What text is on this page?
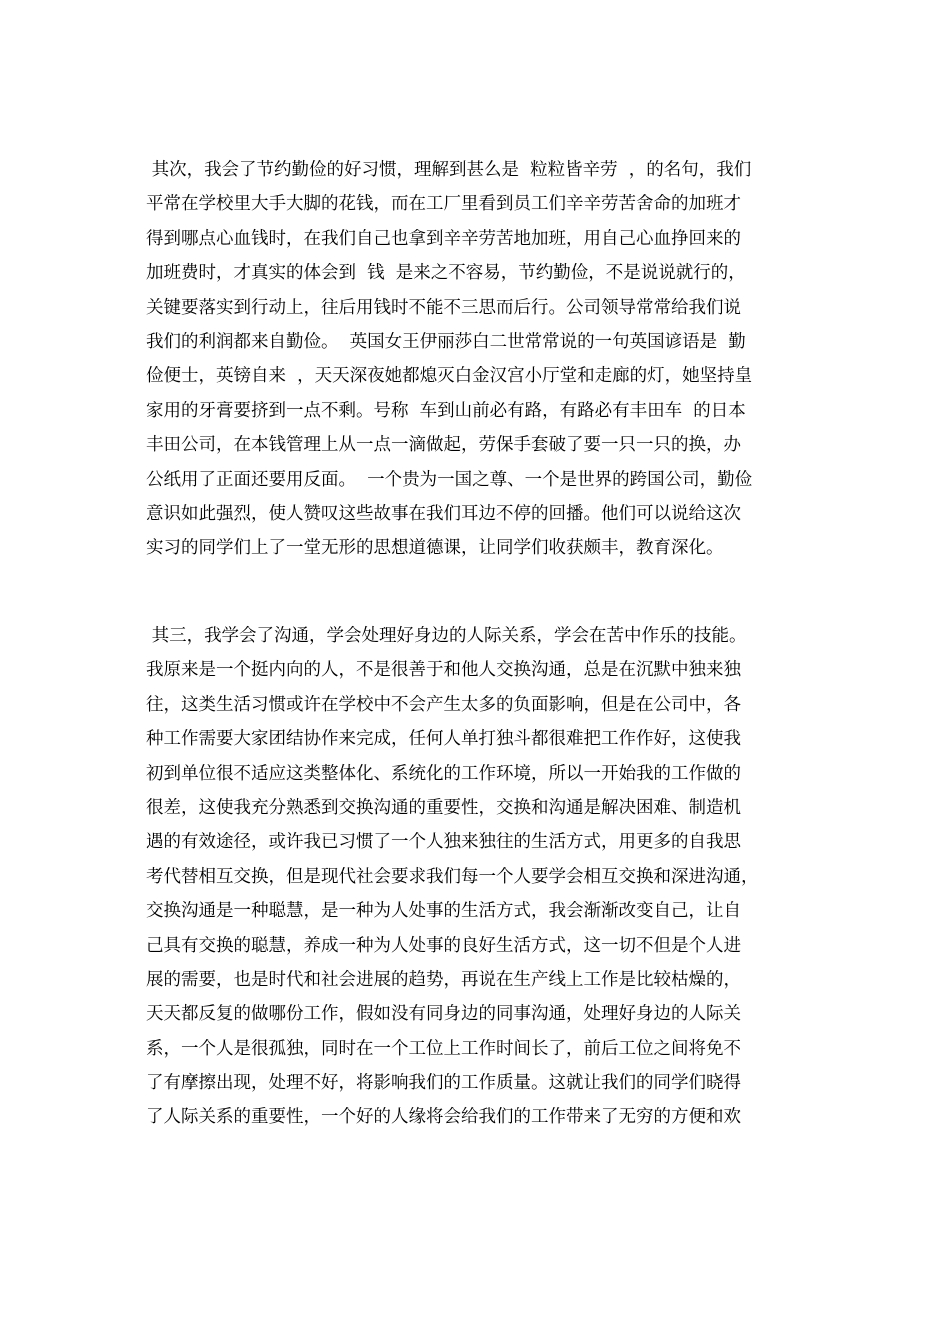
其次，我会了节约勤俭的好习惯，理解到甚么是  粒粒皆辛劳  ，的名句，我们
平常在学校里大手大脚的花钱，而在工厂里看到员工们辛辛劳苦舍命的加班才
得到哪点心血钱时，在我们自己也拿到辛辛劳苦地加班，用自己心血挣回来的
加班费时，才真实的体会到  钱  是来之不容易，节约勤俭，不是说说就行的，
关键要落实到行动上，往后用钱时不能不三思而后行。公司领导常常给我们说
我们的利润都来自勤俭。  英国女王伊丽莎白二世常常说的一句英国谚语是  勤
俭便士，英镑自来  ，天天深夜她都熄灭白金汉宫小厅堂和走廊的灯，她坚持皇
家用的牙膏要挤到一点不剩。号称  车到山前必有路，有路必有丰田车  的日本
丰田公司，在本钱管理上从一点一滴做起，劳保手套破了要一只一只的换，办
公纸用了正面还要用反面。  一个贵为一国之尊、一个是世界的跨国公司，勤俭
意识如此强烈，使人赞叹这些故事在我们耳边不停的回播。他们可以说给这次
实习的同学们上了一堂无形的思想道德课，让同学们收获颇丰，教育深化。
其三，我学会了沟通，学会处理好身边的人际关系，学会在苦中作乐的技能。
我原来是一个挺内向的人，不是很善于和他人交换沟通，总是在沉默中独来独
往，这类生活习惯或许在学校中不会产生太多的负面影响，但是在公司中，各
种工作需要大家团结协作来完成，任何人单打独斗都很难把工作作好，这使我
初到单位很不适应这类整体化、系统化的工作环境，所以一开始我的工作做的
很差，这使我充分熟悉到交换沟通的重要性，交换和沟通是解决困难、制造机
遇的有效途径，或许我已习惯了一个人独来独往的生活方式，用更多的自我思
考代替相互交换，但是现代社会要求我们每一个人要学会相互交换和深进沟通，
交换沟通是一种聪慧，是一种为人处事的生活方式，我会渐渐改变自己，让自
己具有交换的聪慧，养成一种为人处事的良好生活方式，这一切不但是个人进
展的需要，也是时代和社会进展的趋势，再说在生产线上工作是比较枯燥的，
天天都反复的做哪份工作，假如没有同身边的同事沟通，处理好身边的人际关
系，一个人是很孤独，同时在一个工位上工作时间长了，前后工位之间将免不
了有摩擦出现，处理不好，将影响我们的工作质量。这就让我们的同学们晓得
了人际关系的重要性，一个好的人缘将会给我们的工作带来了无穷的方便和欢
